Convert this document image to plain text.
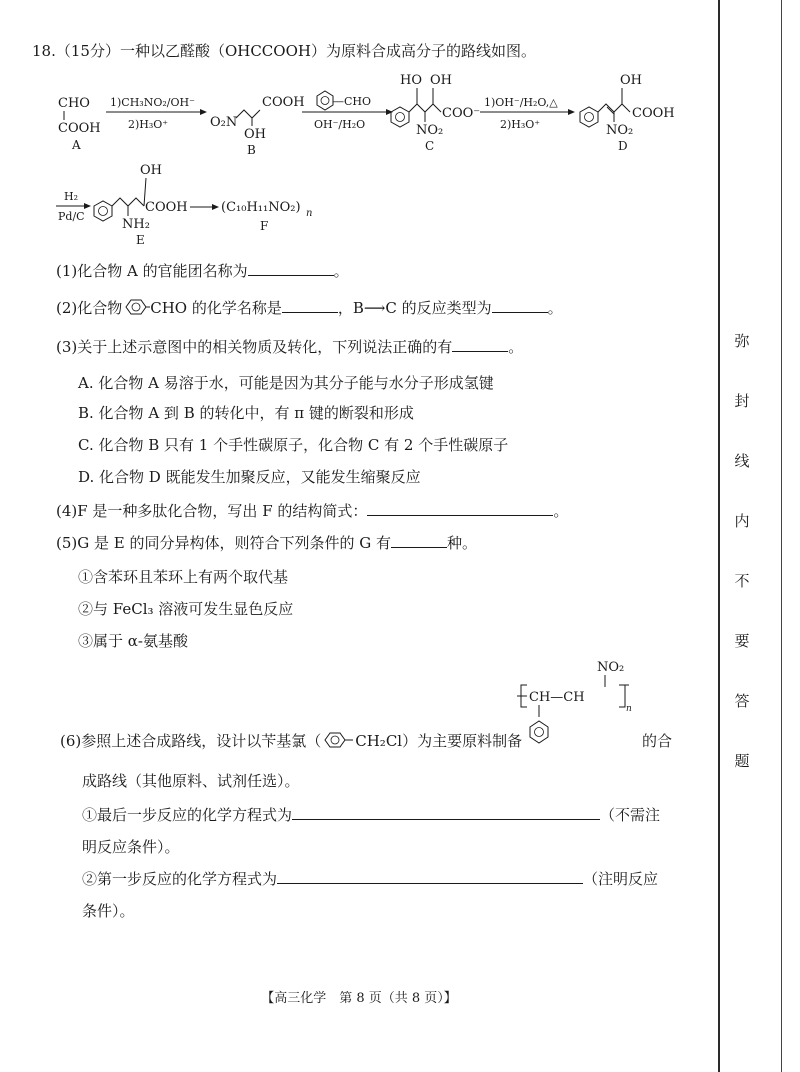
18.（15分）一种以乙醛酸（OHCCOOH）为原料合成高分子的路线如图。
CHO
COOH
A
1)CH₃NO₂/OH⁻
2)H₃O⁺	O₂N
COOH
OH
B
—CHO
OH⁻/H₂O
HO OH
COO⁻
NO₂
C
1)OH⁻/H₂O,△
2)H₃O⁺
OH
COOH
NO₂
D
H₂
Pd/C
OH
COOH
NH₂
E
(C₁₀H₁₁NO₂) n
F
(1)化合物 A 的官能团名称为	。
(2)化合物 CHO 的化学名称是	，B⟶C 的反应类型为	。
(3)关于上述示意图中的相关物质及转化，下列说法正确的有	。
A. 化合物 A 易溶于水，可能是因为其分子能与水分子形成氢键
B. 化合物 A 到 B 的转化中，有 π 键的断裂和形成
C. 化合物 B 只有 1 个手性碳原子，化合物 C 有 2 个手性碳原子
D. 化合物 D 既能发生加聚反应，又能发生缩聚反应
(4)F 是一种多肽化合物，写出 F 的结构简式：	。
(5)G 是 E 的同分异构体，则符合下列条件的 G 有	种。
①含苯环且苯环上有两个取代基
②与 FeCl₃ 溶液可发生显色反应
③属于 α-氨基酸
NO₂
CH—CH
n
(6)参照上述合成路线，设计以苄基氯（ CH₂Cl）为主要原料制备	的合
成路线（其他原料、试剂任选）。
①最后一步反应的化学方程式为	（不需注
明反应条件）。
②第一步反应的化学方程式为	（注明反应
条件）。
【高三化学　第 8 页（共 8 页）】
弥
封
线
内
不
要
答
题
